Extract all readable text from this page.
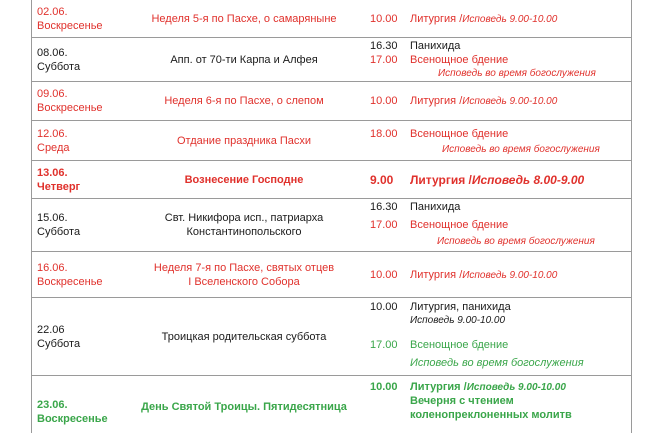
02.06.
Воскресенье
Неделя 5-я по Пасхе, о самаряныне	10.00 Литургия /Исповедь 9.00-10.00
08.06.
Суббота
Апп. от 70-ти Карпа и Алфея
16.30 Панихида
17.00 Всенощное бдение
Исповедь во время богослужения
09.06.
Воскресенье
Неделя 6-я по Пасхе, о слепом	10.00 Литургия /Исповедь 9.00-10.00
12.06.
Среда
Отдание праздника Пасхи
18.00 Всенощное бдение
Исповедь во время богослужения
13.06.
Четверг
Вознесение Господне	9.00 Литургия /Исповедь 8.00-9.00
15.06.
Суббота
Свт. Никифора исп., патриарха
Константинопольского
16.30 Панихида
17.00 Всенощное бдение
Исповедь во время богослужения
16.06.
Воскресенье
Неделя 7-я по Пасхе, святых отцев
I Вселенского Собора
10.00 Литургия /Исповедь 9.00-10.00
22.06
Суббота
Троицкая родительская суббота
10.00 Литургия, панихида
Исповедь 9.00-10.00
17.00 Всенощное бдение
Исповедь во время богослужения
23.06.
Воскресенье
День Святой Троицы. Пятидесятница
10.00 Литургия /Исповедь 9.00-10.00
Вечерня с чтением
коленопреклоненных молитв
